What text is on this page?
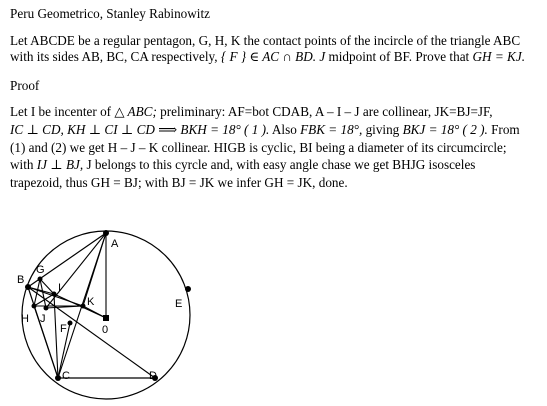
Peru Geometrico, Stanley Rabinowitz
Let ABCDE be a regular pentagon, G, H, K the contact points of the incircle of the triangle ABC
with its sides AB, BC, CA respectively, { F } ∈ AC ∩ BD. J midpoint of BF. Prove that GH = KJ.
Proof
Let I be incenter of △ ABC; preliminary: AF=bot CDAB, A – I – J are collinear, JK=BJ=JF,
IC ⊥ CD, KH ⊥ CI ⊥ CD ⟹ BKH = 18° ( 1 ). Also FBK = 18°, giving BKJ = 18° ( 2 ). From
(1) and (2) we get H – J – K collinear. HIGB is cyclic, BI being a diameter of its circumcircle;
with IJ ⊥ BJ, J belongs to this cyrcle and, with easy angle chase we get BHJG isosceles
trapezoid, thus GH = BJ; with BJ = JK we infer GH = JK, done.
A
B
C	D
E
F
G
H
I
J
K
0
